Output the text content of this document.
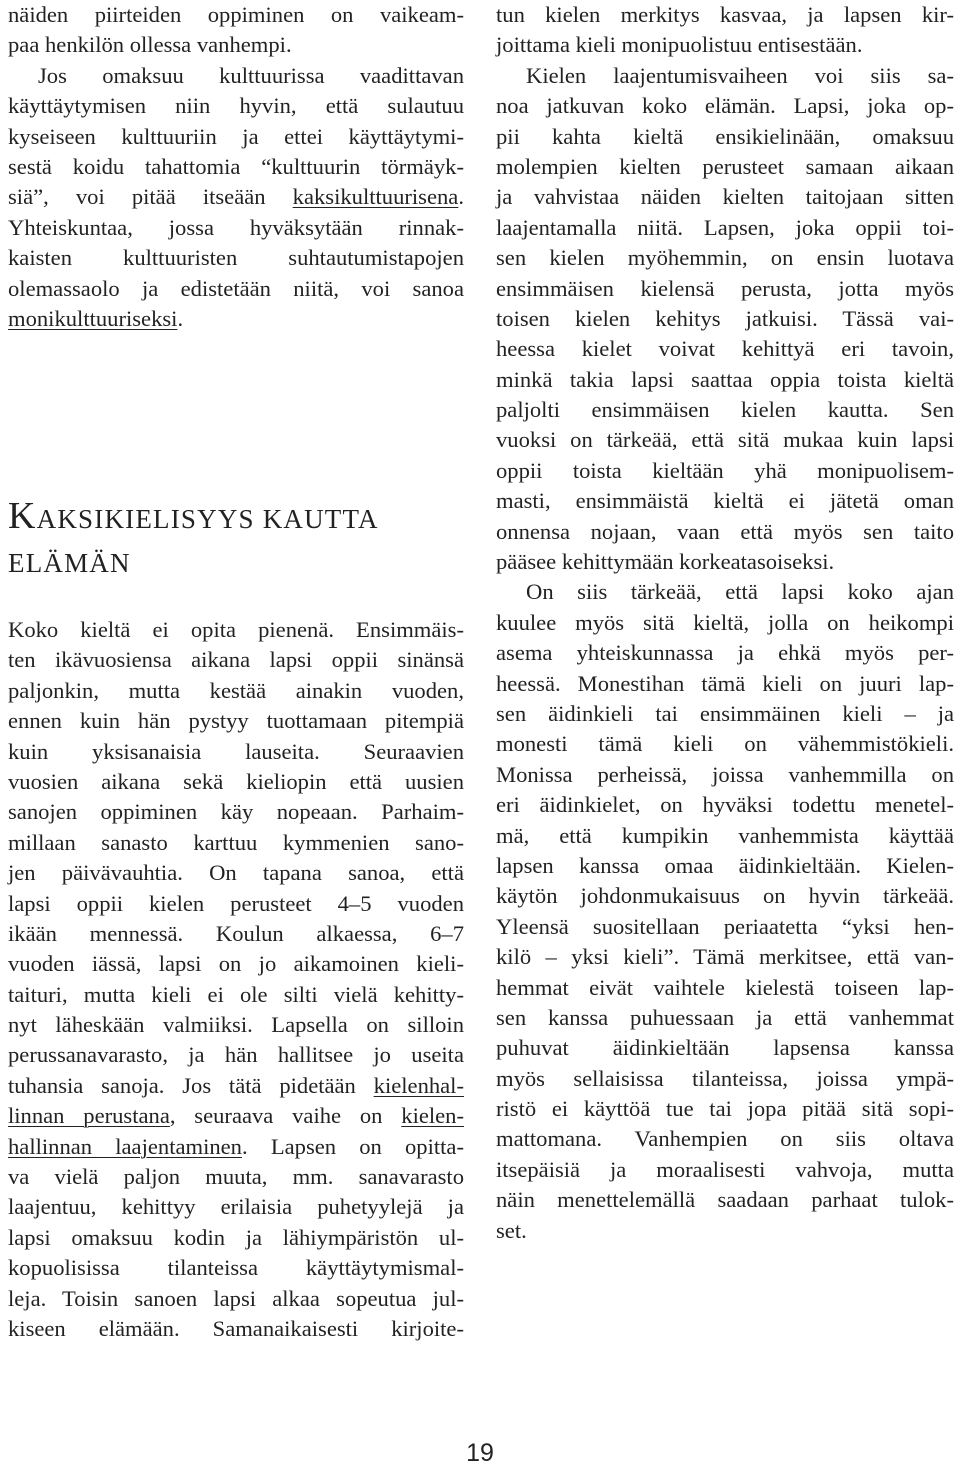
näiden piirteiden oppiminen on vaikeam-
paa henkilön ollessa vanhempi.
Jos omaksuu kulttuurissa vaadittavan
käyttäytymisen niin hyvin, että sulautuu
kyseiseen kulttuuriin ja ettei käyttäytymi-
sestä koidu tahattomia “kulttuurin törmäyk-
siä”, voi pitää itseään kaksikulttuurisena.
Yhteiskuntaa, jossa hyväksytään rinnak-
kaisten kulttuuristen suhtautumistapojen
olemassaolo ja edistetään niitä, voi sanoa
monikulttuuriseksi.
Koko kieltä ei opita pienenä. Ensimmäis-
ten ikävuosiensa aikana lapsi oppii sinänsä
paljonkin, mutta kestää ainakin vuoden,
ennen kuin hän pystyy tuottamaan pitempiä
kuin yksisanaisia lauseita. Seuraavien
vuosien aikana sekä kieliopin että uusien
sanojen oppiminen käy nopeaan. Parhaim-
millaan sanasto karttuu kymmenien sano-
jen päivävauhtia. On tapana sanoa, että
lapsi oppii kielen perusteet 4–5 vuoden
ikään mennessä. Koulun alkaessa, 6–7
vuoden iässä, lapsi on jo aikamoinen kieli-
taituri, mutta kieli ei ole silti vielä kehitty-
nyt läheskään valmiiksi. Lapsella on silloin
perussanavarasto, ja hän hallitsee jo useita
tuhansia sanoja. Jos tätä pidetään kielenhal-
linnan perustana, seuraava vaihe on kielen-
hallinnan laajentaminen. Lapsen on opitta-
va vielä paljon muuta, mm. sanavarasto
laajentuu, kehittyy erilaisia puhetyylejä ja
lapsi omaksuu kodin ja lähiympäristön ul-
kopuolisissa tilanteissa käyttäytymismal-
leja. Toisin sanoen lapsi alkaa sopeutua jul-
kiseen elämään. Samanaikaisesti kirjoite-
KAKSIKIELISYYS KAUTTA
ELÄMÄN
tun kielen merkitys kasvaa, ja lapsen kir-
joittama kieli monipuolistuu entisestään.
Kielen laajentumisvaiheen voi siis sa-
noa jatkuvan koko elämän. Lapsi, joka op-
pii kahta kieltä ensikielinään, omaksuu
molempien kielten perusteet samaan aikaan
ja vahvistaa näiden kielten taitojaan sitten
laajentamalla niitä. Lapsen, joka oppii toi-
sen kielen myöhemmin, on ensin luotava
ensimmäisen kielensä perusta, jotta myös
toisen kielen kehitys jatkuisi. Tässä vai-
heessa kielet voivat kehittyä eri tavoin,
minkä takia lapsi saattaa oppia toista kieltä
paljolti ensimmäisen kielen kautta. Sen
vuoksi on tärkeää, että sitä mukaa kuin lapsi
oppii toista kieltään yhä monipuolisem-
masti, ensimmäistä kieltä ei jätetä oman
onnensa nojaan, vaan että myös sen taito
pääsee kehittymään korkeatasoiseksi.
On siis tärkeää, että lapsi koko ajan
kuulee myös sitä kieltä, jolla on heikompi
asema yhteiskunnassa ja ehkä myös per-
heessä. Monestihan tämä kieli on juuri lap-
sen äidinkieli tai ensimmäinen kieli – ja
monesti tämä kieli on vähemmistökieli.
Monissa perheissä, joissa vanhemmilla on
eri äidinkielet, on hyväksi todettu menetel-
mä, että kumpikin vanhemmista käyttää
lapsen kanssa omaa äidinkieltään. Kielen-
käytön johdonmukaisuus on hyvin tärkeää.
Yleensä suositellaan periaatetta “yksi hen-
kilö – yksi kieli”. Tämä merkitsee, että van-
hemmat eivät vaihtele kielestä toiseen lap-
sen kanssa puhuessaan ja että vanhemmat
puhuvat äidinkieltään lapsensa kanssa
myös sellaisissa tilanteissa, joissa ympä-
ristö ei käyttöä tue tai jopa pitää sitä sopi-
mattomana. Vanhempien on siis oltava
itsepäisiä ja moraalisesti vahvoja, mutta
näin menettelemällä saadaan parhaat tulok-
set.
19
